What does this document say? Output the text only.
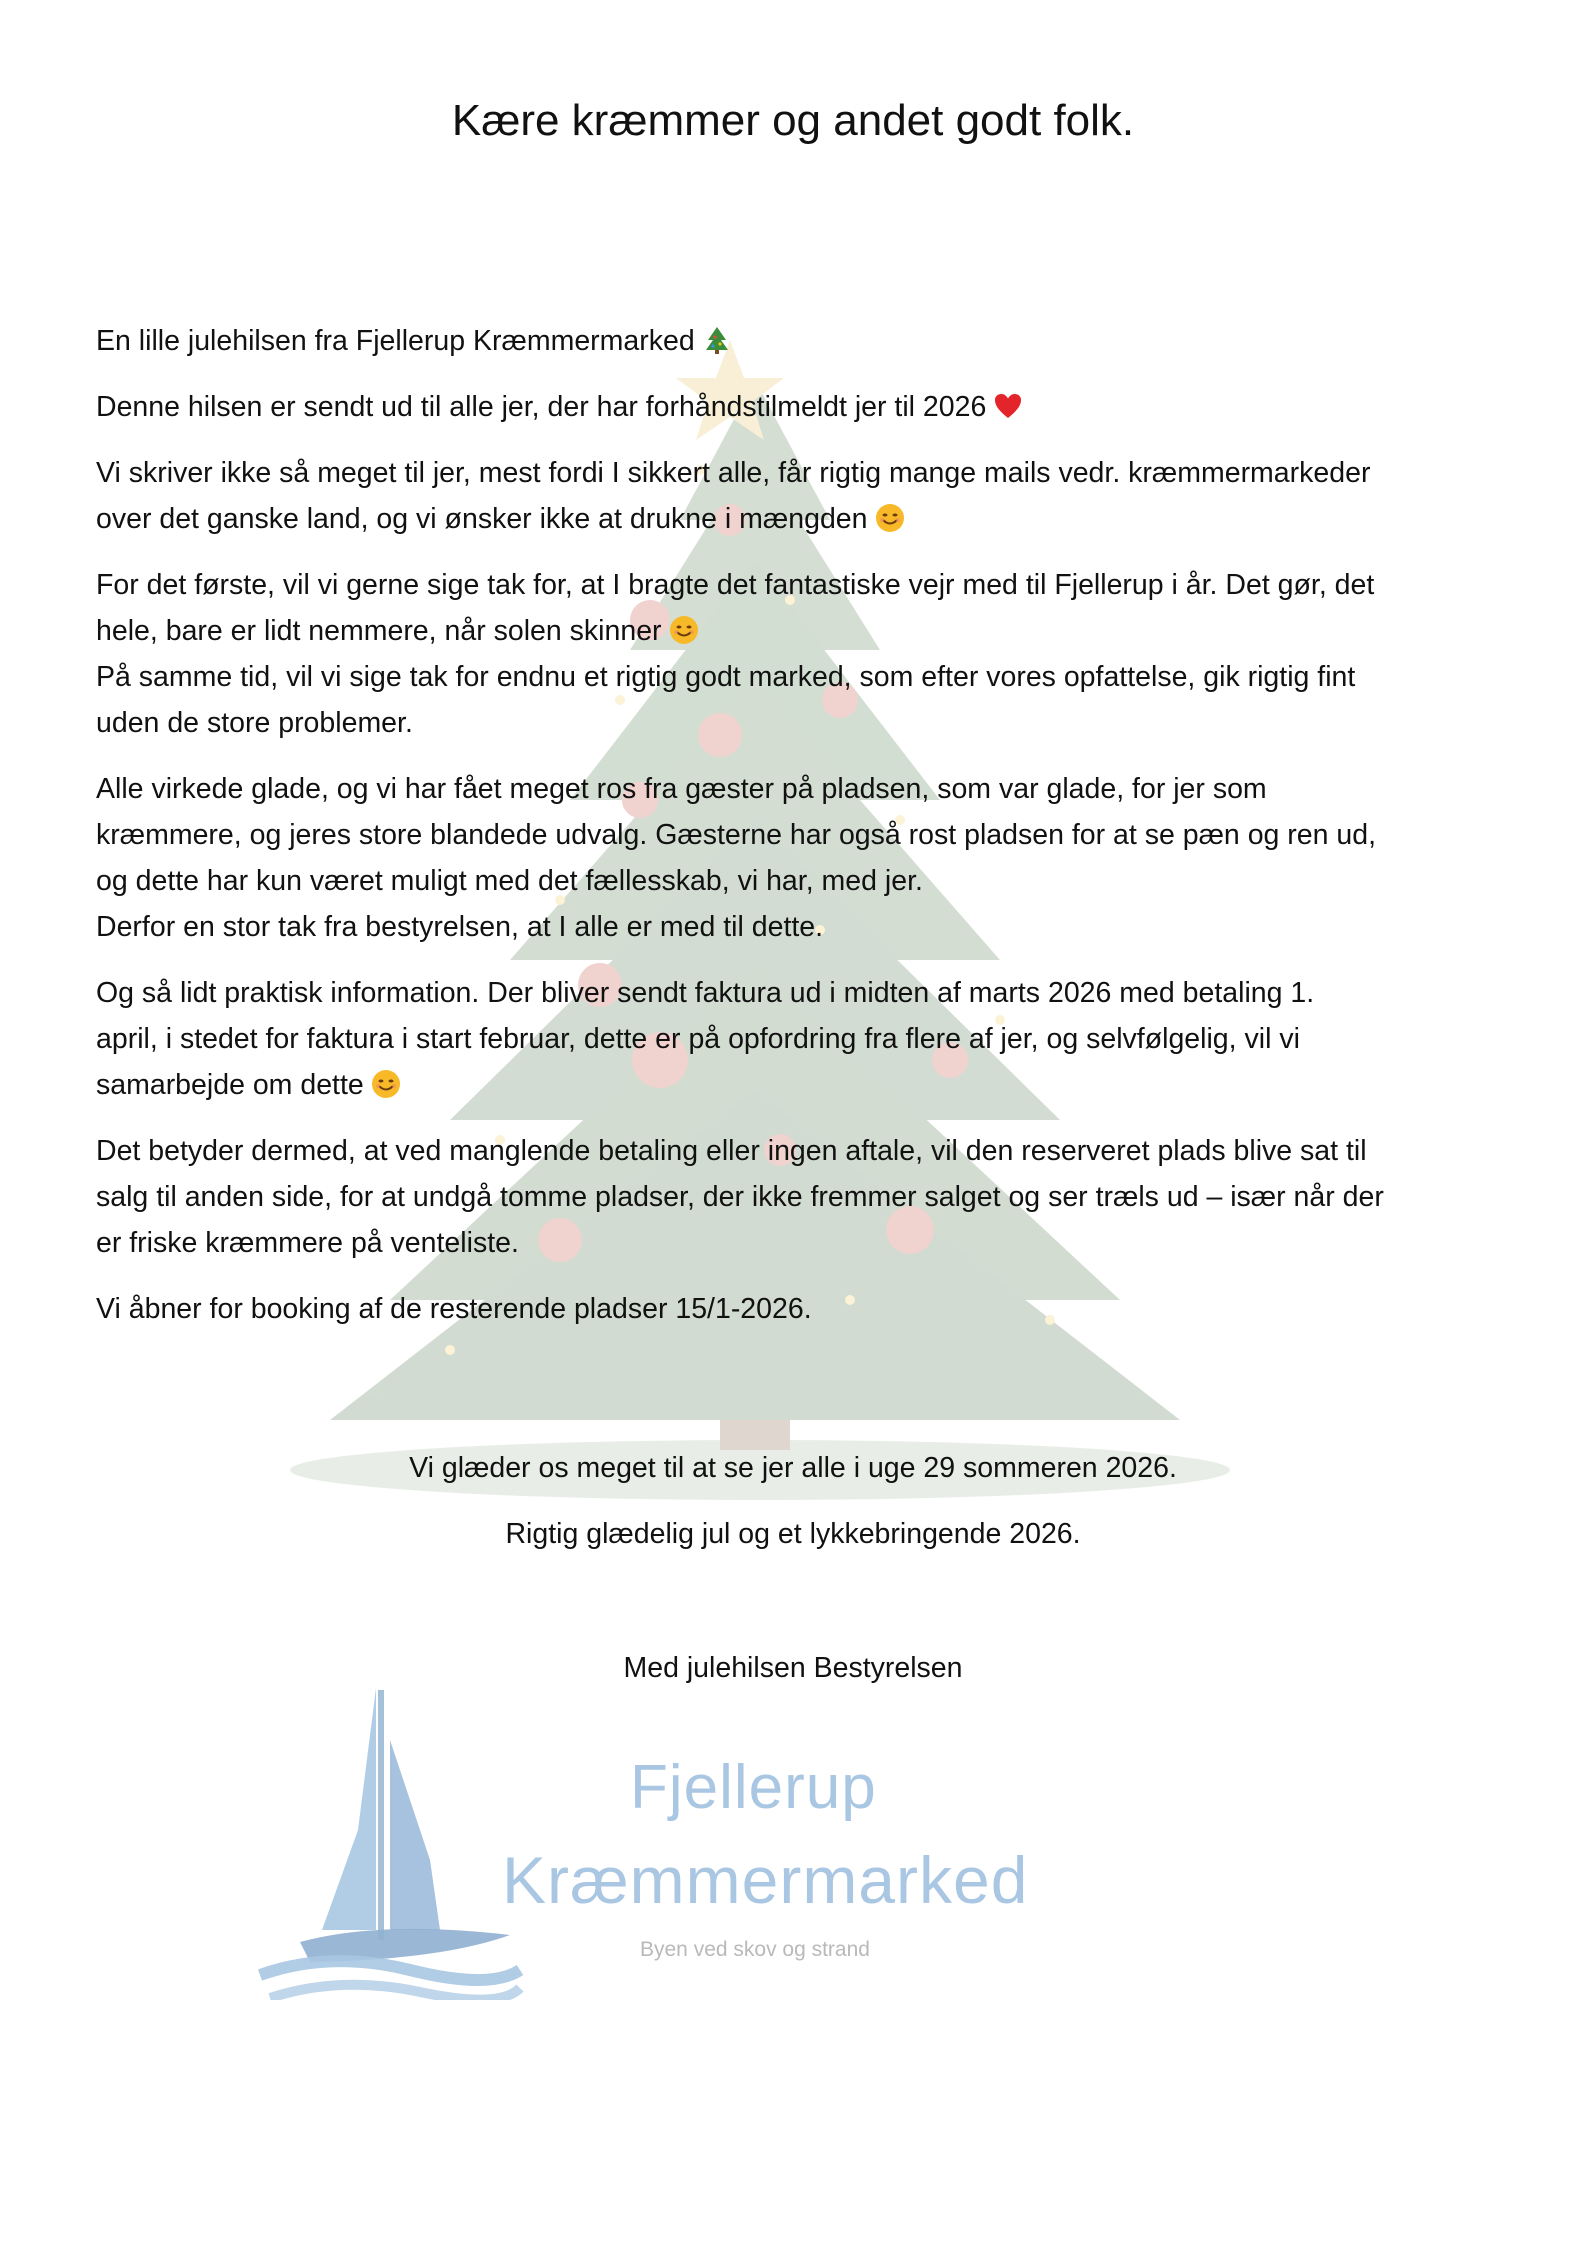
Kære kræmmer og andet godt folk.

En lille julehilsen fra Fjellerup Kræmmermarked

Denne hilsen er sendt ud til alle jer, der har forhåndstilmeldt jer til 2026

Vi skriver ikke så meget til jer, mest fordi I sikkert alle, får rigtig mange mails vedr. kræmmermarkeder
over det ganske land, og vi ønsker ikke at drukne i mængden

For det første, vil vi gerne sige tak for, at I bragte det fantastiske vejr med til Fjellerup i år. Det gør, det
hele, bare er lidt nemmere, når solen skinner
På samme tid, vil vi sige tak for endnu et rigtig godt marked, som efter vores opfattelse, gik rigtig fint
uden de store problemer.

Alle virkede glade, og vi har fået meget ros fra gæster på pladsen, som var glade, for jer som
kræmmere, og jeres store blandede udvalg. Gæsterne har også rost pladsen for at se pæn og ren ud,
og dette har kun været muligt med det fællesskab, vi har, med jer.
Derfor en stor tak fra bestyrelsen, at I alle er med til dette.

Og så lidt praktisk information. Der bliver sendt faktura ud i midten af marts 2026 med betaling 1.
april, i stedet for faktura i start februar, dette er på opfordring fra flere af jer, og selvfølgelig, vil vi
samarbejde om dette

Det betyder dermed, at ved manglende betaling eller ingen aftale, vil den reserveret plads blive sat til
salg til anden side, for at undgå tomme pladser, der ikke fremmer salget og ser træls ud – især når der
er friske kræmmere på venteliste.

Vi åbner for booking af de resterende pladser 15/1-2026.

Vi glæder os meget til at se jer alle i uge 29 sommeren 2026.
Rigtig glædelig jul og et lykkebringende 2026.
Med julehilsen Bestyrelsen
Fjellerup
Kræmmermarked
Byen ved skov og strand
